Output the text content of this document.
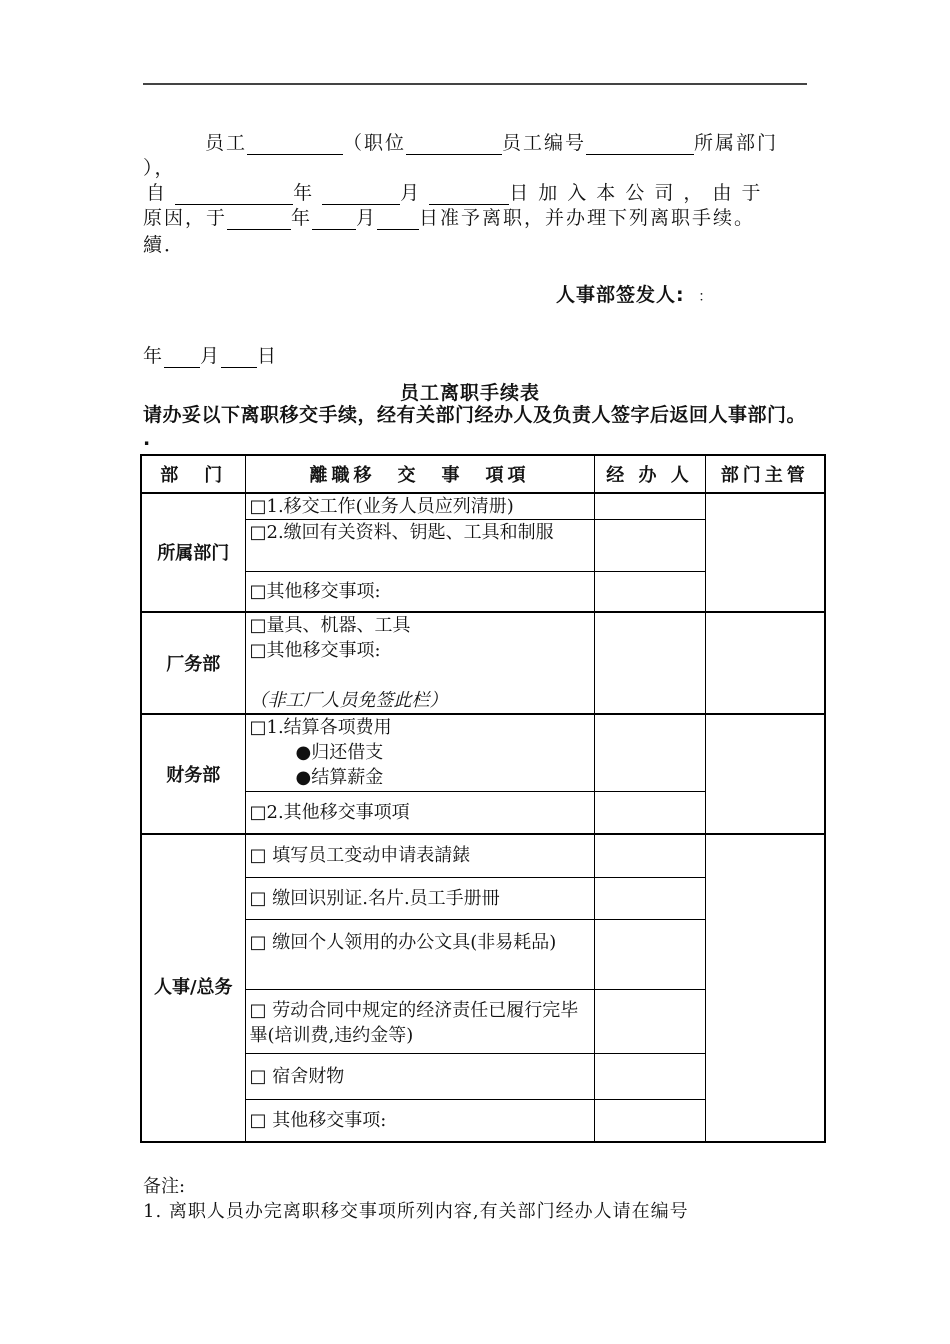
员工	（职位	员工编号	所属部门
），
自	年	月	日 加 入 本 公 司 ， 由 于
原因，于	年 月 日准予离职，并办理下列离职手续。
續．
人事部签发人: ：
年 月 日
员工离职手续表
请办妥以下离职移交手续，经有关部门经办人及负责人签字后返回人事部门。 .
部　门	離職移　交　事　項項	经 办 人	部门主管
所属部门	□1.移交工作(业务人员应列清册)		

	□2.缴回有关资料、钥匙、工具和制服		

	□其他移交事项:		

厂务部	□量具、机器、工具
□其他移交事项:

（非工厂人员免签此栏）		

财务部	□1.结算各项费用
●归还借支
●结算薪金		

	□2.其他移交事项項		

人事/总务	□ 填写员工变动申请表請錶		

	□ 缴回识别证.名片.员工手册冊		

	□ 缴回个人领用的办公文具(非易耗品)		

	□ 劳动合同中规定的经济责任已履行完毕畢(培训费,违约金等)		

	□ 宿舍财物		

	□ 其他移交事项:		

备注:
1. 离职人员办完离职移交事项所列内容,有关部门经办人请在编号
